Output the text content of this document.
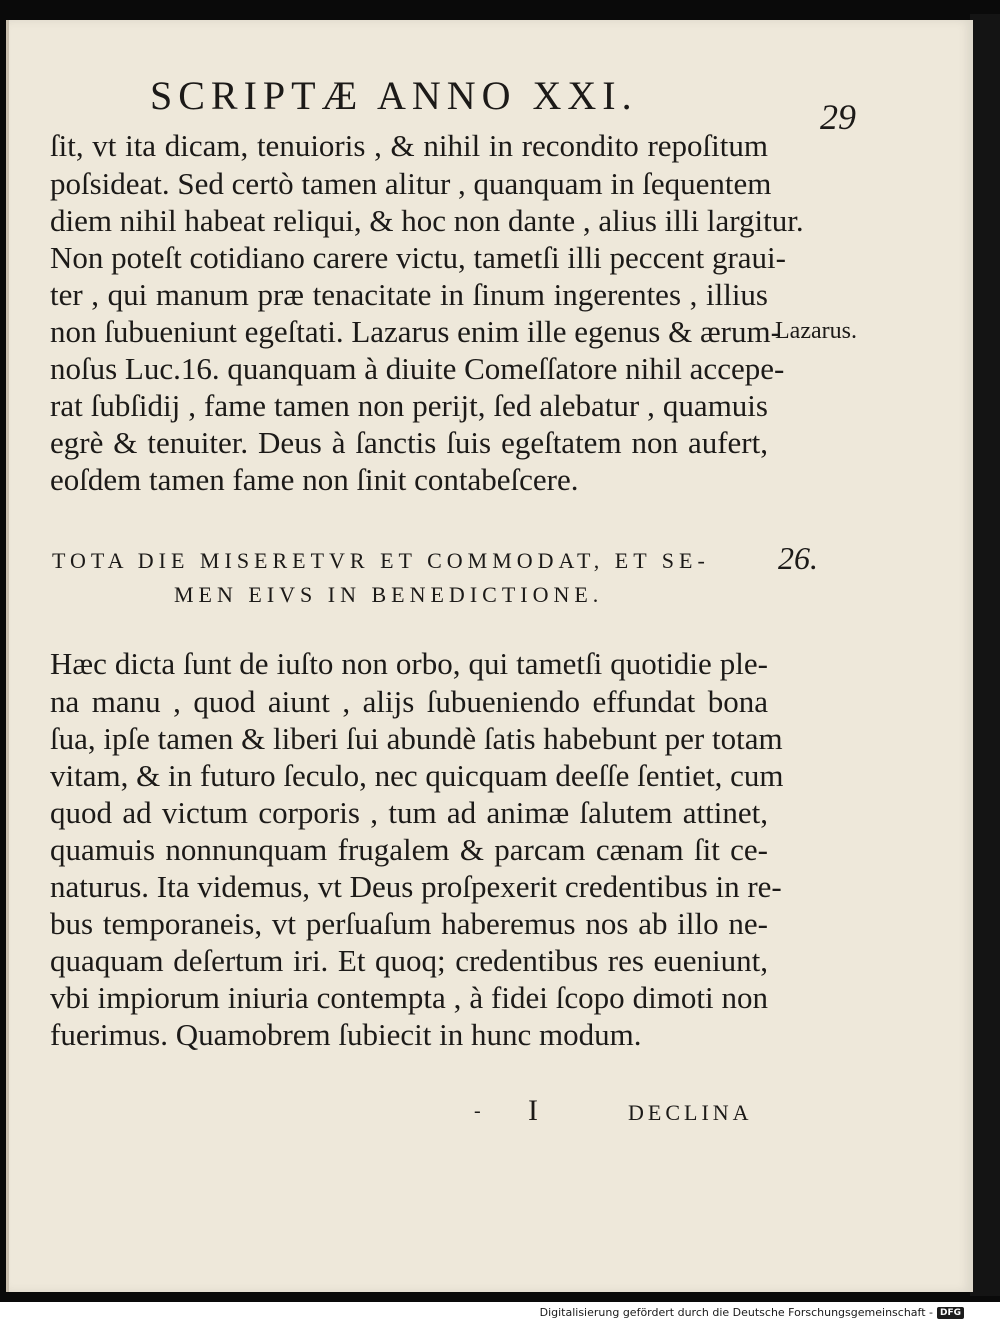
SCRIPTÆ ANNO XXI.	29
ſit, vt ita dicam, tenuioris , & nihil in recondito repoſitum
poſsideat. Sed certò tamen alitur , quanquam in ſequentem
diem nihil habeat reliqui, & hoc non dante , alius illi largitur.
Non poteſt cotidiano carere victu, tametſi illi peccent graui-
ter , qui manum præ tenacitate in ſinum ingerentes , illius
non ſubueniunt egeſtati. Lazarus enim ille egenus & ærum-
noſus Luc.16. quanquam à diuite Comeſſatore nihil accepe-
rat ſubſidij , fame tamen non perijt, ſed alebatur , quamuis
egrè & tenuiter. Deus à ſanctis ſuis egeſtatem non aufert,
eoſdem tamen fame non ſinit contabeſcere.
Lazarus.
TOTA DIE MISERETVR ET COMMODAT, ET SE-
MEN EIVS IN BENEDICTIONE.
26.
Hæc dicta ſunt de iuſto non orbo, qui tametſi quotidie ple-
na manu , quod aiunt , alijs ſubueniendo effundat bona
ſua, ipſe tamen & liberi ſui abundè ſatis habebunt per totam
vitam, & in futuro ſeculo, nec quicquam deeſſe ſentiet, cum
quod ad victum corporis , tum ad animæ ſalutem attinet,
quamuis nonnunquam frugalem & parcam cænam ſit ce-
naturus. Ita videmus, vt Deus proſpexerit credentibus in re-
bus temporaneis, vt perſuaſum haberemus nos ab illo ne-
quaquam deſertum iri. Et quoq; credentibus res eueniunt,
vbi impiorum iniuria contempta , à fidei ſcopo dimoti non
fuerimus. Quamobrem ſubiecit in hunc modum.
- I	DECLINA
Digitalisierung gefördert durch die Deutsche Forschungsgemeinschaft - DFG
